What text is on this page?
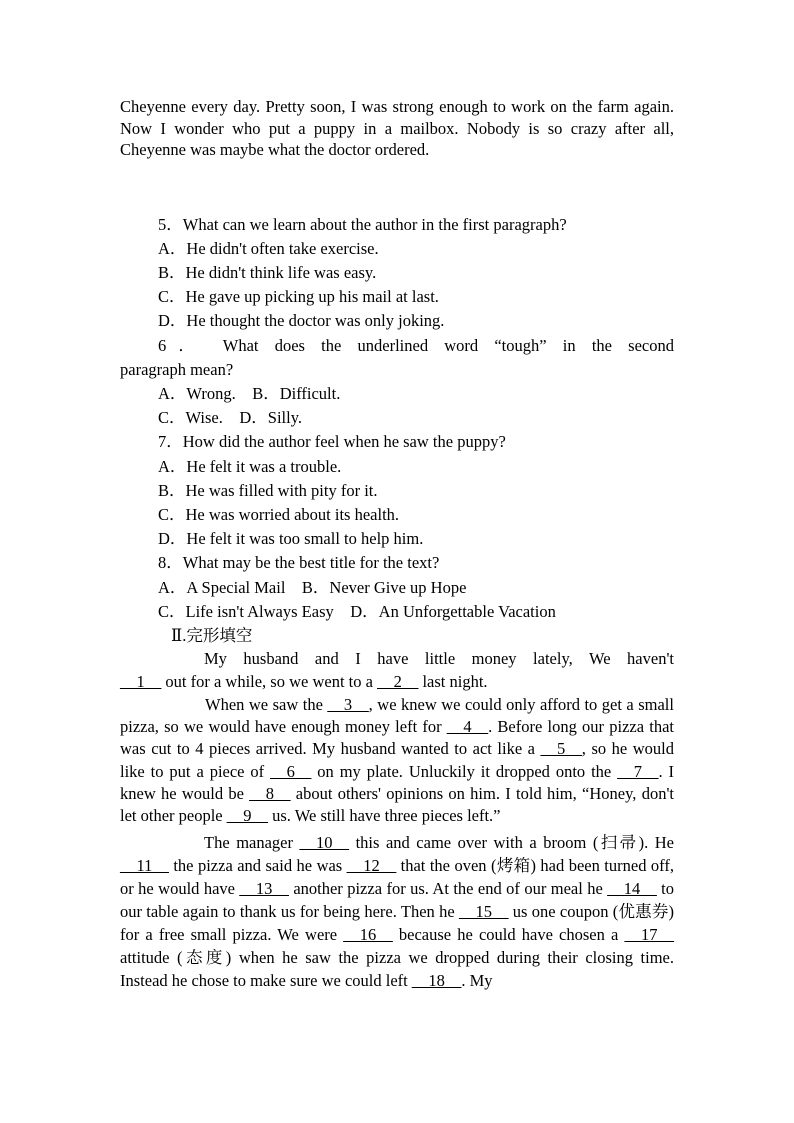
Cheyenne every day. Pretty soon, I was strong enough to work on the farm again. Now I wonder who put a puppy in a mailbox. Nobody is so crazy after all, Cheyenne was maybe what the doctor ordered.

5．What can we learn about the author in the first paragraph?

A．He didn't often take exercise.

B．He didn't think life was easy.

C．He gave up picking up his mail at last.

D．He thought the doctor was only joking.

6． What does the underlined word “tough” in the second

paragraph mean?

A．Wrong.    B．Difficult.

C．Wise.    D．Silly.

7．How did the author feel when he saw the puppy?

A．He felt it was a trouble.

B．He was filled with pity for it.

C．He was worried about its health.

D．He felt it was too small to help him.

8．What may be the best title for the text?

A．A Special Mail    B．Never Give up Hope

C．Life isn't Always Easy    D．An Unforgettable Vacation

Ⅱ.完形填空

My husband and I have little money lately, We haven't

__1__ out for a while, so we went to a __2__ last night.

When we saw the __3__, we knew we could only afford to get a small pizza, so we would have enough money left for __4__. Before long our pizza that was cut to 4 pieces arrived. My husband wanted to act like a __5__, so he would like to put a piece of __6__ on my plate. Unluckily it dropped onto the __7__. I knew he would be __8__ about others' opinions on him. I told him, “Honey, don't let other people __9__ us. We still have three pieces left.”

The manager __10__ this and came over with a broom (扫帚). He __11__ the pizza and said he was __12__ that the oven (烤箱) had been turned off, or he would have __13__ another pizza for us. At the end of our meal he __14__ to our table again to thank us for being here. Then he __15__ us one coupon (优惠券) for a free small pizza. We were __16__ because he could have chosen a __17__ attitude (态度) when he saw the pizza we dropped during their closing time. Instead he chose to make sure we could left __18__. My
